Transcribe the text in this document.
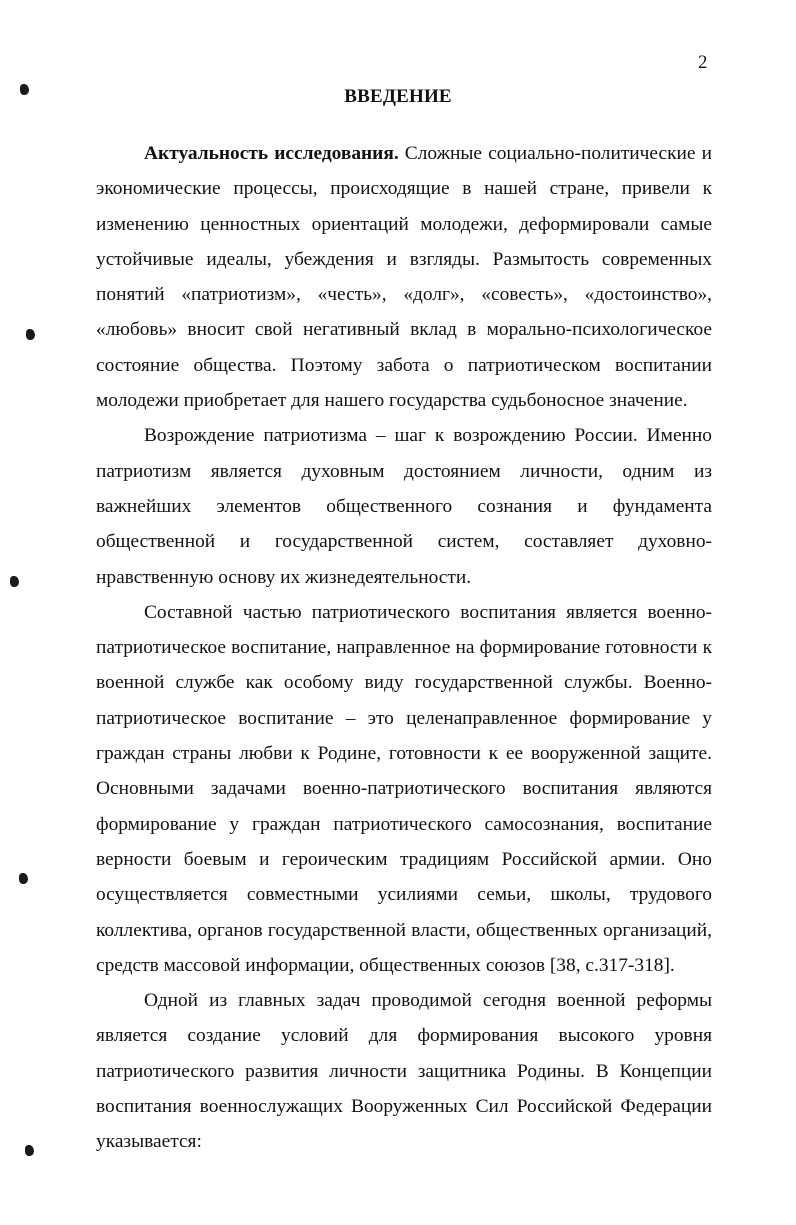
2
ВВЕДЕНИЕ

Актуальность исследования. Сложные социально-политические и экономические процессы, происходящие в нашей стране, привели к изменению ценностных ориентаций молодежи, деформировали самые устойчивые идеалы, убеждения и взгляды. Размытость современных понятий «патриотизм», «честь», «долг», «совесть», «достоинство», «любовь» вносит свой негативный вклад в морально-психологическое состояние общества. Поэтому забота о патриотическом воспитании молодежи приобретает для нашего государства судьбоносное значение.

Возрождение патриотизма – шаг к возрождению России. Именно патриотизм является духовным достоянием личности, одним из важнейших элементов общественного сознания и фундамента общественной и государственной систем, составляет духовно-нравственную основу их жизнедеятельности.

Составной частью патриотического воспитания является военно-патриотическое воспитание, направленное на формирование готовности к военной службе как особому виду государственной службы. Военно-патриотическое воспитание – это целенаправленное формирование у граждан страны любви к Родине, готовности к ее вооруженной защите. Основными задачами военно-патриотического воспитания являются формирование у граждан патриотического самосознания, воспитание верности боевым и героическим традициям Российской армии. Оно осуществляется совместными усилиями семьи, школы, трудового коллектива, органов государственной власти, общественных организаций, средств массовой информации, общественных союзов [38, с.317-318].

Одной из главных задач проводимой сегодня военной реформы является создание условий для формирования высокого уровня патриотического развития личности защитника Родины. В Концепции воспитания военнослужащих Вооруженных Сил Российской Федерации указывается:
